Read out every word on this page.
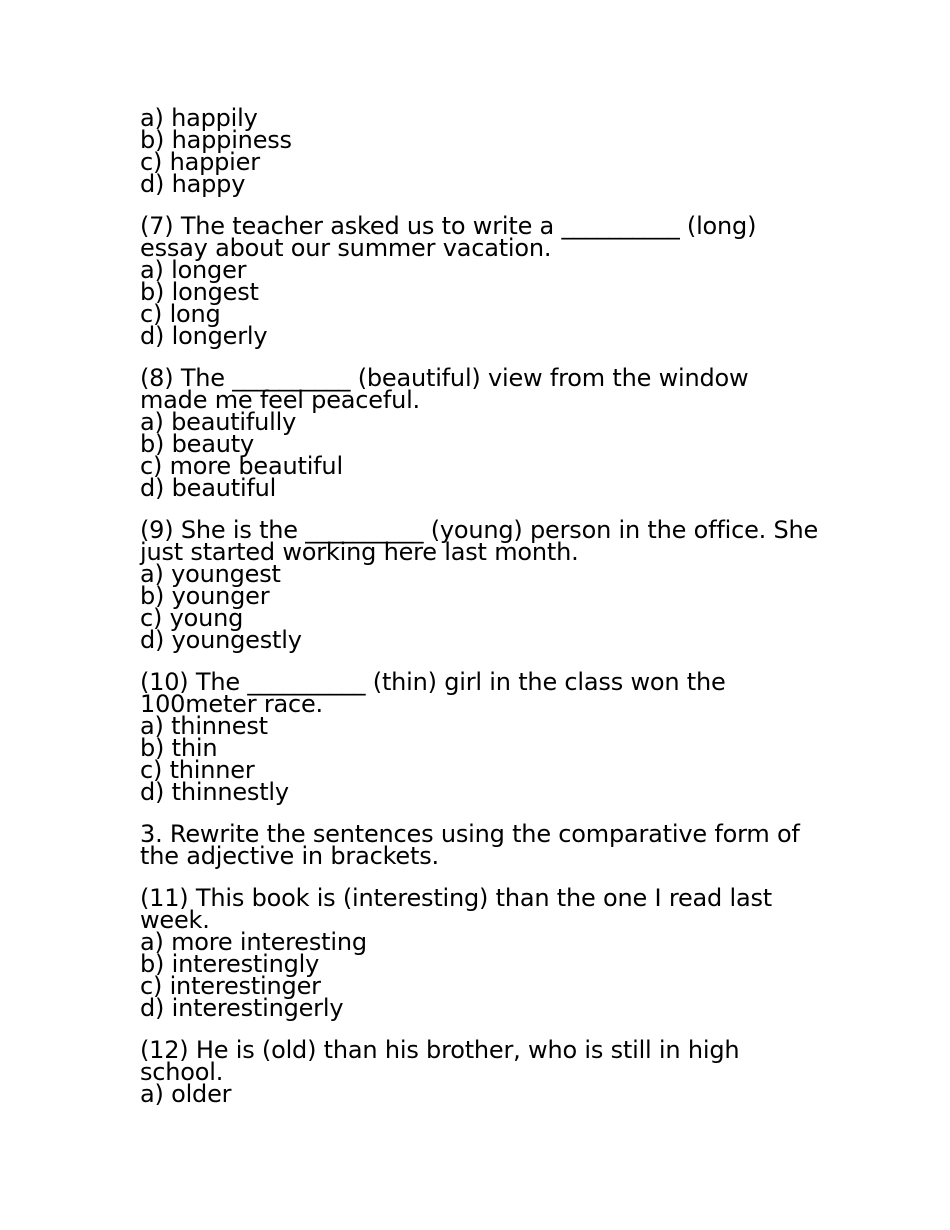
a) happily
b) happiness
c) happier
d) happy
(7) The teacher asked us to write a __________ (long)
essay about our summer vacation.
a) longer
b) longest
c) long
d) longerly
(8) The __________ (beautiful) view from the window
made me feel peaceful.
a) beautifully
b) beauty
c) more beautiful
d) beautiful
(9) She is the __________ (young) person in the office. She
just started working here last month.
a) youngest
b) younger
c) young
d) youngestly
(10) The __________ (thin) girl in the class won the
100meter race.
a) thinnest
b) thin
c) thinner
d) thinnestly
3. Rewrite the sentences using the comparative form of
the adjective in brackets.
(11) This book is (interesting) than the one I read last
week.
a) more interesting
b) interestingly
c) interestinger
d) interestingerly
(12) He is (old) than his brother, who is still in high
school.
a) older
